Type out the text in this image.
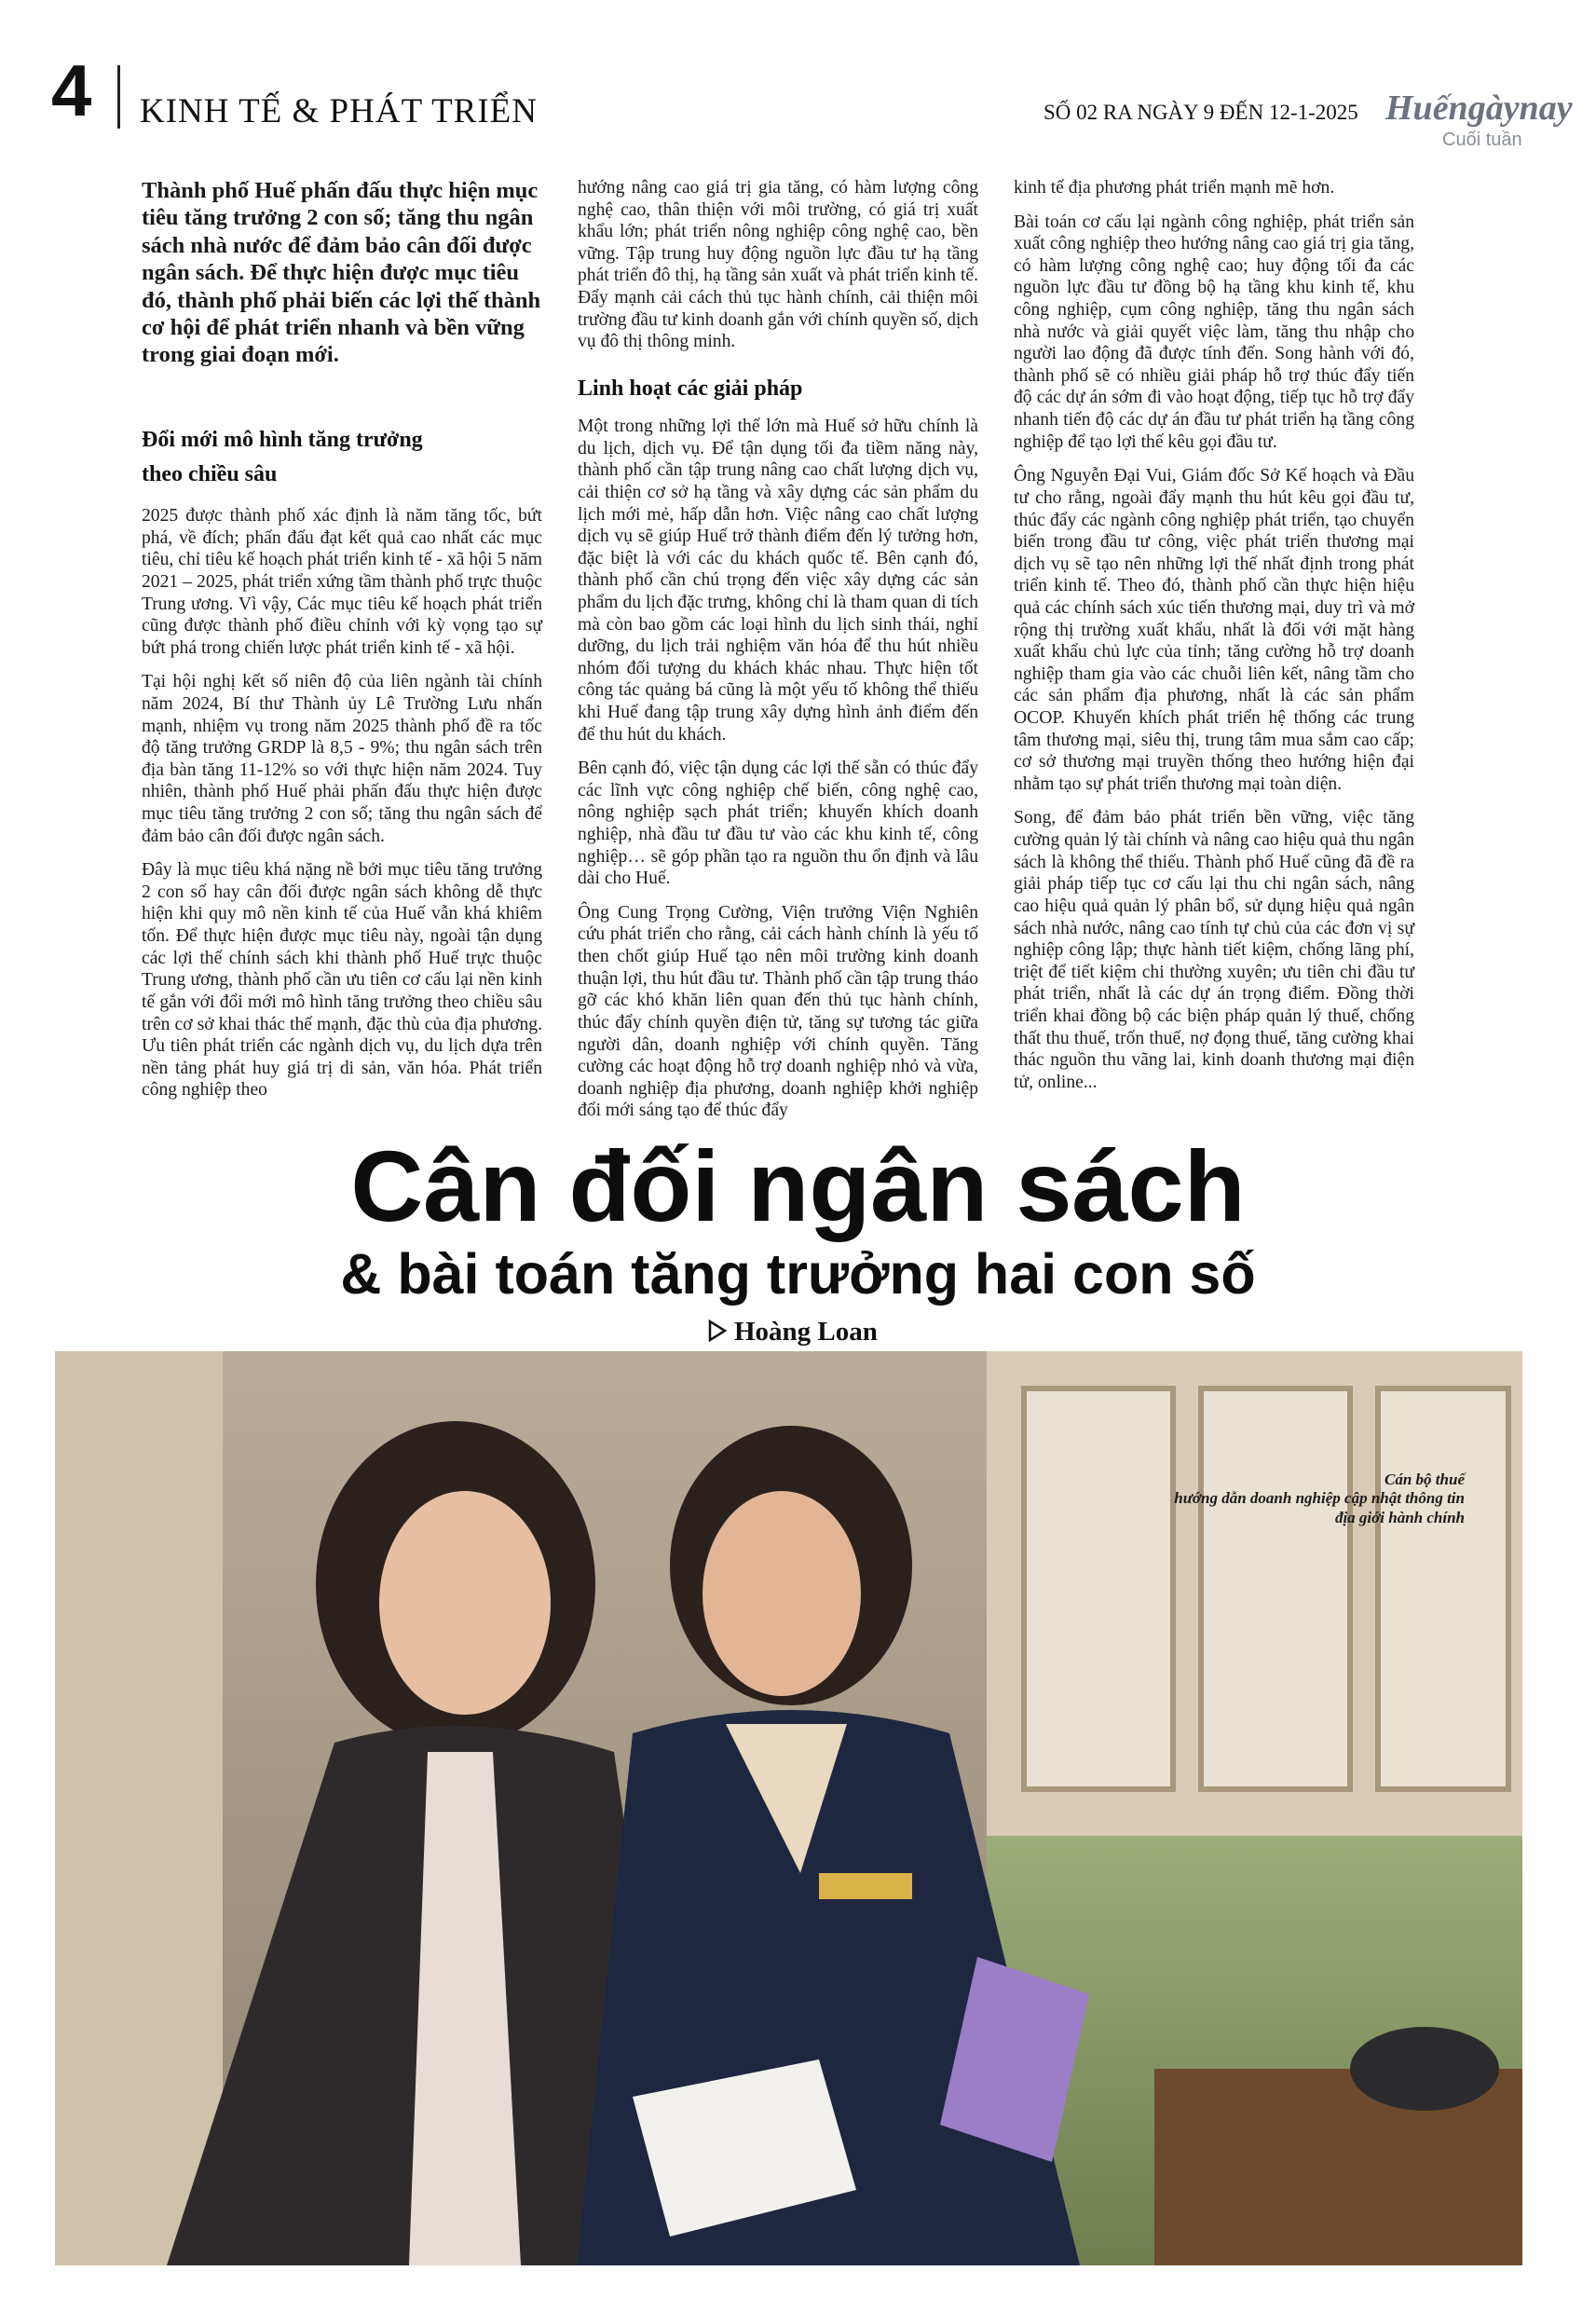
4 KINH TẾ & PHÁT TRIỂN	SỐ 02 RA NGÀY 9 ĐẾN 12-1-2025 Huếngàynay
Cuối tuần

Thành phố Huế phấn đấu thực hiện mục tiêu tăng trưởng 2 con số; tăng thu ngân sách nhà nước để đảm bảo cân đối được ngân sách. Để thực hiện được mục tiêu đó, thành phố phải biến các lợi thế thành cơ hội để phát triển nhanh và bền vững trong giai đoạn mới.

Đổi mới mô hình tăng trưởng
theo chiều sâu

2025 được thành phố xác định là năm tăng tốc, bứt phá, về đích; phấn đấu đạt kết quả cao nhất các mục tiêu, chỉ tiêu kế hoạch phát triển kinh tế - xã hội 5 năm 2021 – 2025, phát triển xứng tầm thành phố trực thuộc Trung ương. Vì vậy, Các mục tiêu kế hoạch phát triển cũng được thành phố điều chỉnh với kỳ vọng tạo sự bứt phá trong chiến lược phát triển kinh tế - xã hội.

Tại hội nghị kết số niên độ của liên ngành tài chính năm 2024, Bí thư Thành ủy Lê Trường Lưu nhấn mạnh, nhiệm vụ trong năm 2025 thành phố đề ra tốc độ tăng trưởng GRDP là 8,5 - 9%; thu ngân sách trên địa bàn tăng 11-12% so với thực hiện năm 2024. Tuy nhiên, thành phố Huế phải phấn đấu thực hiện được mục tiêu tăng trưởng 2 con số; tăng thu ngân sách để đảm bảo cân đối được ngân sách.

Đây là mục tiêu khá nặng nề bởi mục tiêu tăng trưởng 2 con số hay cân đối được ngân sách không dễ thực hiện khi quy mô nền kinh tế của Huế vẫn khá khiêm tốn. Để thực hiện được mục tiêu này, ngoài tận dụng các lợi thế chính sách khi thành phố Huế trực thuộc Trung ương, thành phố cần ưu tiên cơ cấu lại nền kinh tế gắn với đổi mới mô hình tăng trưởng theo chiều sâu trên cơ sở khai thác thế mạnh, đặc thù của địa phương. Ưu tiên phát triển các ngành dịch vụ, du lịch dựa trên nền tảng phát huy giá trị di sản, văn hóa. Phát triển công nghiệp theo

hướng nâng cao giá trị gia tăng, có hàm lượng công nghệ cao, thân thiện với môi trường, có giá trị xuất khẩu lớn; phát triển nông nghiệp công nghệ cao, bền vững. Tập trung huy động nguồn lực đầu tư hạ tầng phát triển đô thị, hạ tầng sản xuất và phát triển kinh tế. Đẩy mạnh cải cách thủ tục hành chính, cải thiện môi trường đầu tư kinh doanh gắn với chính quyền số, dịch vụ đô thị thông minh.

Linh hoạt các giải pháp

Một trong những lợi thế lớn mà Huế sở hữu chính là du lịch, dịch vụ. Để tận dụng tối đa tiềm năng này, thành phố cần tập trung nâng cao chất lượng dịch vụ, cải thiện cơ sở hạ tầng và xây dựng các sản phẩm du lịch mới mẻ, hấp dẫn hơn. Việc nâng cao chất lượng dịch vụ sẽ giúp Huế trở thành điểm đến lý tưởng hơn, đặc biệt là với các du khách quốc tế. Bên cạnh đó, thành phố cần chú trọng đến việc xây dựng các sản phẩm du lịch đặc trưng, không chỉ là tham quan di tích mà còn bao gồm các loại hình du lịch sinh thái, nghỉ dưỡng, du lịch trải nghiệm văn hóa để thu hút nhiều nhóm đối tượng du khách khác nhau. Thực hiện tốt công tác quảng bá cũng là một yếu tố không thể thiếu khi Huế đang tập trung xây dựng hình ảnh điểm đến để thu hút du khách.

Bên cạnh đó, việc tận dụng các lợi thế sẵn có thúc đẩy các lĩnh vực công nghiệp chế biến, công nghệ cao, nông nghiệp sạch phát triển; khuyến khích doanh nghiệp, nhà đầu tư đầu tư vào các khu kinh tế, công nghiệp… sẽ góp phần tạo ra nguồn thu ổn định và lâu dài cho Huế.

Ông Cung Trọng Cường, Viện trưởng Viện Nghiên cứu phát triển cho rằng, cải cách hành chính là yếu tố then chốt giúp Huế tạo nên môi trường kinh doanh thuận lợi, thu hút đầu tư. Thành phố cần tập trung tháo gỡ các khó khăn liên quan đến thủ tục hành chính, thúc đẩy chính quyền điện tử, tăng sự tương tác giữa người dân, doanh nghiệp với chính quyền. Tăng cường các hoạt động hỗ trợ doanh nghiệp nhỏ và vừa, doanh nghiệp địa phương, doanh nghiệp khởi nghiệp đổi mới sáng tạo để thúc đẩy

kinh tế địa phương phát triển mạnh mẽ hơn.

Bài toán cơ cấu lại ngành công nghiệp, phát triển sản xuất công nghiệp theo hướng nâng cao giá trị gia tăng, có hàm lượng công nghệ cao; huy động tối đa các nguồn lực đầu tư đồng bộ hạ tầng khu kinh tế, khu công nghiệp, cụm công nghiệp, tăng thu ngân sách nhà nước và giải quyết việc làm, tăng thu nhập cho người lao động đã được tính đến. Song hành với đó, thành phố sẽ có nhiều giải pháp hỗ trợ thúc đẩy tiến độ các dự án sớm đi vào hoạt động, tiếp tục hỗ trợ đẩy nhanh tiến độ các dự án đầu tư phát triển hạ tầng công nghiệp để tạo lợi thế kêu gọi đầu tư.

Ông Nguyễn Đại Vui, Giám đốc Sở Kế hoạch và Đầu tư cho rằng, ngoài đẩy mạnh thu hút kêu gọi đầu tư, thúc đẩy các ngành công nghiệp phát triển, tạo chuyển biến trong đầu tư công, việc phát triển thương mại dịch vụ sẽ tạo nên những lợi thế nhất định trong phát triển kinh tế. Theo đó, thành phố cần thực hiện hiệu quả các chính sách xúc tiến thương mại, duy trì và mở rộng thị trường xuất khẩu, nhất là đối với mặt hàng xuất khẩu chủ lực của tỉnh; tăng cường hỗ trợ doanh nghiệp tham gia vào các chuỗi liên kết, nâng tầm cho các sản phẩm địa phương, nhất là các sản phẩm OCOP. Khuyến khích phát triển hệ thống các trung tâm thương mại, siêu thị, trung tâm mua sắm cao cấp; cơ sở thương mại truyền thống theo hướng hiện đại nhằm tạo sự phát triển thương mại toàn diện.

Song, để đảm bảo phát triển bền vững, việc tăng cường quản lý tài chính và nâng cao hiệu quả thu ngân sách là không thể thiếu. Thành phố Huế cũng đã đề ra giải pháp tiếp tục cơ cấu lại thu chi ngân sách, nâng cao hiệu quả quản lý phân bổ, sử dụng hiệu quả ngân sách nhà nước, nâng cao tính tự chủ của các đơn vị sự nghiệp công lập; thực hành tiết kiệm, chống lãng phí, triệt để tiết kiệm chi thường xuyên; ưu tiên chi đầu tư phát triển, nhất là các dự án trọng điểm. Đồng thời triển khai đồng bộ các biện pháp quản lý thuế, chống thất thu thuế, trốn thuế, nợ đọng thuế, tăng cường khai thác nguồn thu vãng lai, kinh doanh thương mại điện tử, online...

Cân đối ngân sách
& bài toán tăng trưởng hai con số
Hoàng Loan
Cán bộ thuế
hướng dẫn doanh nghiệp cập nhật thông tin
địa giới hành chính
